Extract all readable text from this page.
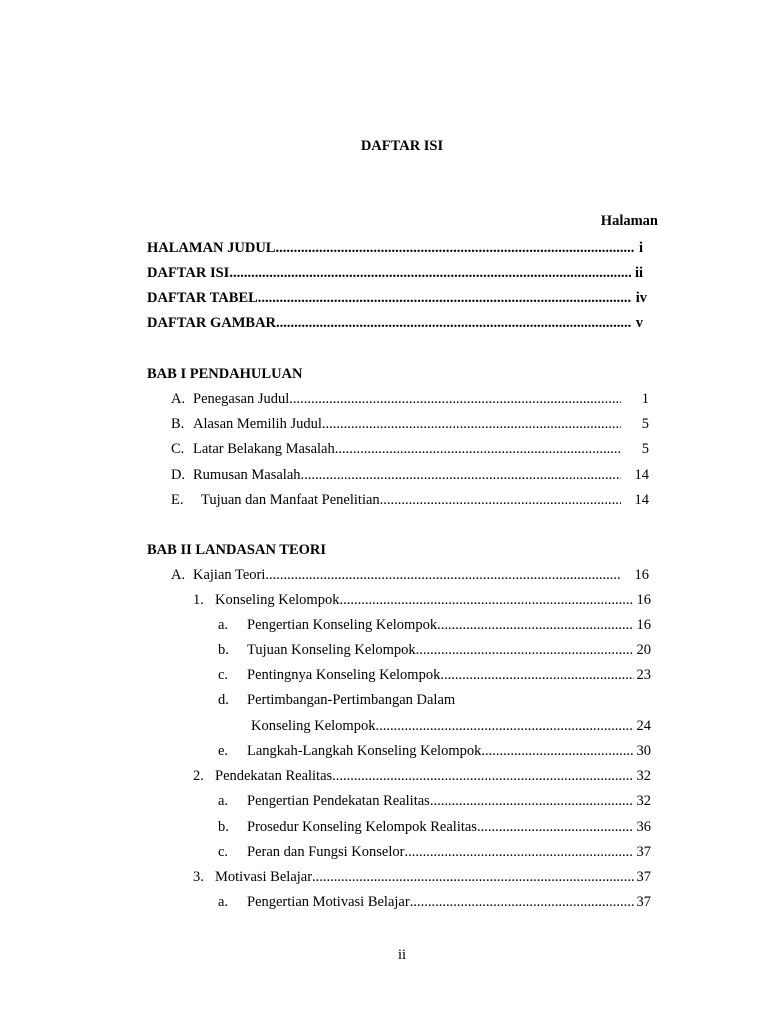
DAFTAR ISI
Halaman
HALAMAN JUDUL .....	i
DAFTAR ISI .....	ii
DAFTAR TABEL .....	iv
DAFTAR GAMBAR .....	v
BAB I PENDAHULUAN
A. Penegasan Judul .....	1
B. Alasan Memilih Judul .....	5
C. Latar Belakang Masalah .....	5
D. Rumusan Masalah .....	14
E. Tujuan dan Manfaat Penelitian .....	14
BAB II LANDASAN TEORI
A. Kajian Teori .....	16
1. Konseling Kelompok .....	16
a. Pengertian Konseling Kelompok .....	16
b. Tujuan Konseling Kelompok .....	20
c. Pentingnya Konseling Kelompok .....	23
d. Pertimbangan-Pertimbangan Dalam
Konseling Kelompok .....	24
e. Langkah-Langkah Konseling Kelompok .....	30
2. Pendekatan Realitas .....	32
a. Pengertian Pendekatan Realitas .....	32
b. Prosedur Konseling Kelompok Realitas .....	36
c. Peran dan Fungsi Konselor .....	37
3. Motivasi Belajar .....	37
a. Pengertian Motivasi Belajar .....	37
ii
